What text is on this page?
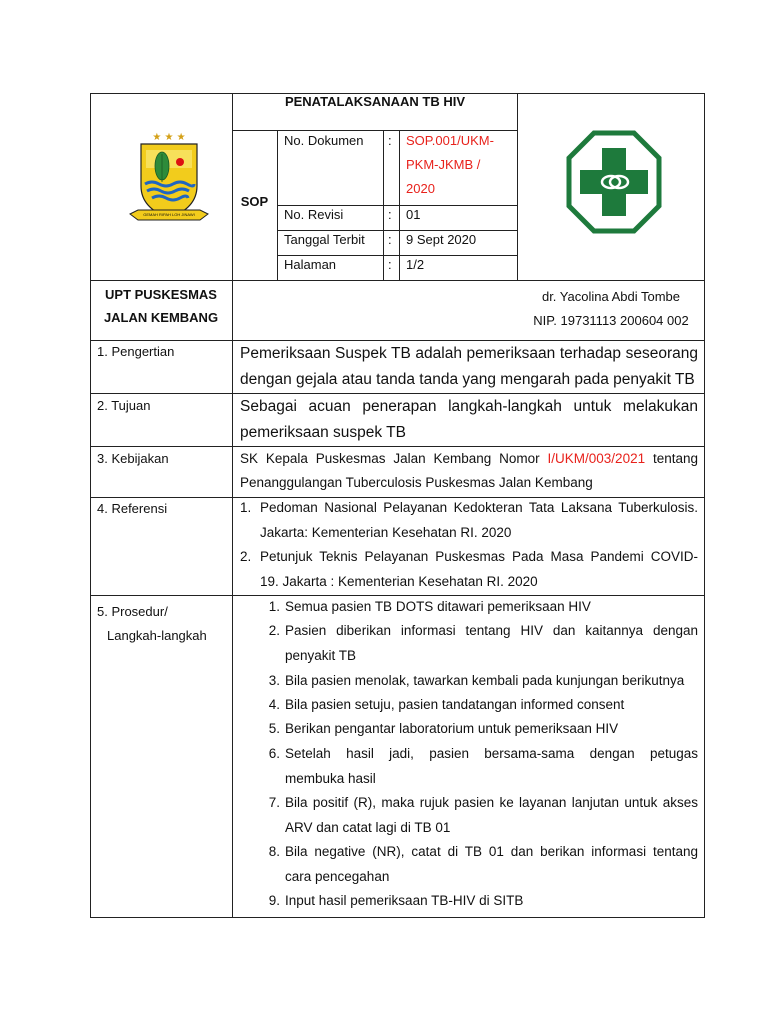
★ ★ ★
GEMAH RIPAH LOH JINAWI
PENATALAKSANAAN TB HIV
SOP
No. Dokumen : SOP.001/UKM-
PKM-JKMB /
2020
No. Revisi	: 01
Tanggal Terbit : 9 Sept 2020
Halaman	: 1/2
UPT PUSKESMAS JALAN KEMBANG
dr. Yacolina Abdi Tombe
NIP. 19731113 200604 002
1. Pengertian	Pemeriksaan Suspek TB adalah pemeriksaan terhadap seseorang
dengan gejala atau tanda tanda yang mengarah pada penyakit TB
2. Tujuan	Sebagai acuan penerapan langkah-langkah untuk melakukan
pemeriksaan suspek TB
3. Kebijakan	SK Kepala Puskesmas Jalan Kembang Nomor I/UKM/003/2021 tentang
Penanggulangan Tuberculosis Puskesmas Jalan Kembang
4. Referensi	1. Pedoman Nasional Pelayanan Kedokteran Tata Laksana Tuberkulosis.
Jakarta: Kementerian Kesehatan RI. 2020
2. Petunjuk Teknis Pelayanan Puskesmas Pada Masa Pandemi COVID-
19. Jakarta : Kementerian Kesehatan RI. 2020
5. Prosedur/
Langkah-langkah
1. Semua pasien TB DOTS ditawari pemeriksaan HIV
2. Pasien diberikan informasi tentang HIV dan kaitannya dengan
penyakit TB
3. Bila pasien menolak, tawarkan kembali pada kunjungan berikutnya
4. Bila pasien setuju, pasien tandatangan informed consent
5. Berikan pengantar laboratorium untuk pemeriksaan HIV
6. Setelah hasil jadi, pasien bersama-sama dengan petugas
membuka hasil
7. Bila positif (R), maka rujuk pasien ke layanan lanjutan untuk akses
ARV dan catat lagi di TB 01
8. Bila negative (NR), catat di TB 01 dan berikan informasi tentang
cara pencegahan
9. Input hasil pemeriksaan TB-HIV di SITB
